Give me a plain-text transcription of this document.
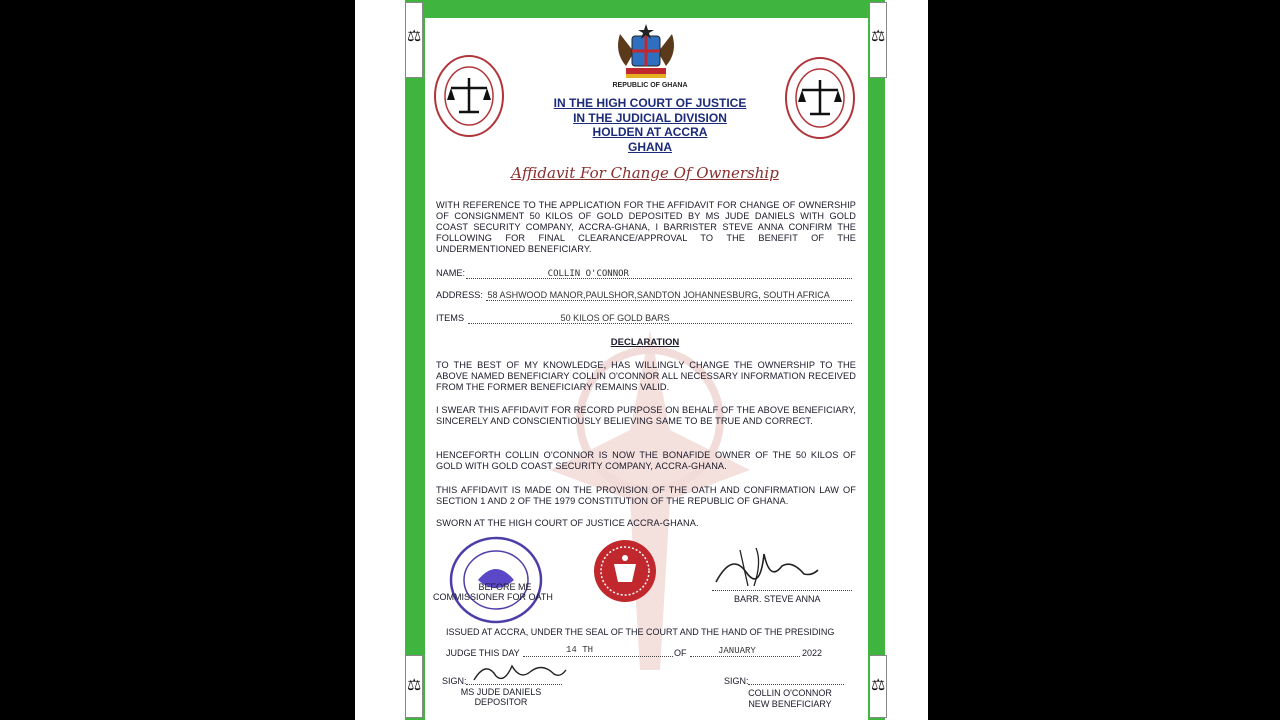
⚖	⚖
⚖	⚖
REPUBLIC OF GHANA
IN THE HIGH COURT OF JUSTICE
IN THE JUDICIAL DIVISION
HOLDEN AT ACCRA
GHANA
Affidavit For Change Of Ownership
WITH REFERENCE TO THE APPLICATION FOR THE AFFIDAVIT FOR CHANGE OF OWNERSHIP OF CONSIGNMENT 50 KILOS OF GOLD DEPOSITED BY MS JUDE DANIELS WITH GOLD COAST SECURITY COMPANY, ACCRA-GHANA, I BARRISTER STEVE ANNA CONFIRM THE FOLLOWING FOR FINAL CLEARANCE/APPROVAL TO THE BENEFIT OF THE UNDERMENTIONED BENEFICIARY.
NAME:	COLLIN O'CONNOR
ADDRESS: 58 ASHWOOD MANOR,PAULSHOR,SANDTON JOHANNESBURG, SOUTH AFRICA
ITEMS	50 KILOS OF GOLD BARS
DECLARATION
TO THE BEST OF MY KNOWLEDGE, HAS WILLINGLY CHANGE THE OWNERSHIP TO THE ABOVE NAMED BENEFICIARY COLLIN O'CONNOR ALL NECESSARY INFORMATION RECEIVED FROM THE FORMER BENEFICIARY REMAINS VALID.
I SWEAR THIS AFFIDAVIT FOR RECORD PURPOSE ON BEHALF OF THE ABOVE BENEFICIARY, SINCERELY AND CONSCIENTIOUSLY BELIEVING SAME TO BE TRUE AND CORRECT.
HENCEFORTH COLLIN O'CONNOR IS NOW THE BONAFIDE OWNER OF THE 50 KILOS OF GOLD WITH GOLD COAST SECURITY COMPANY, ACCRA-GHANA.
THIS AFFIDAVIT IS MADE ON THE PROVISION OF THE OATH AND CONFIRMATION LAW OF SECTION 1 AND 2 OF THE 1979 CONSTITUTION OF THE REPUBLIC OF GHANA.
SWORN AT THE HIGH COURT OF JUSTICE ACCRA-GHANA.
BEFORE ME
COMMISSIONER FOR OATH	BARR. STEVE ANNA
ISSUED AT ACCRA, UNDER THE SEAL OF THE COURT AND THE HAND OF THE PRESIDING
JUDGE THIS DAY	14 TH	OF	JANUARY	2022
SIGN:
MS JUDE DANIELS
DEPOSITOR
SIGN:
COLLIN O'CONNOR
NEW BENEFICIARY
